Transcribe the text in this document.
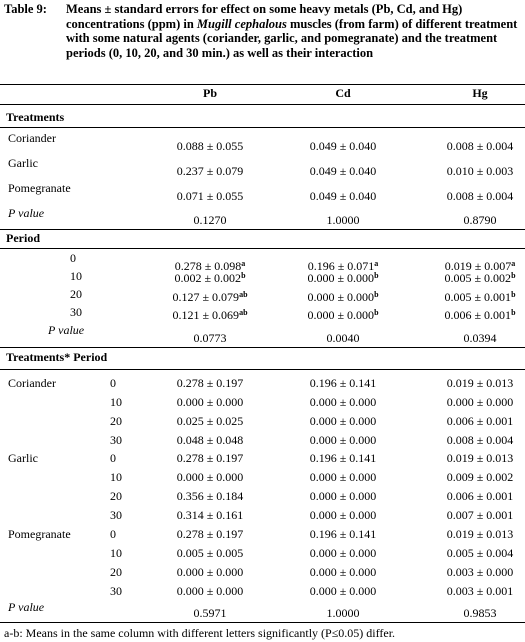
Table 9: Means ± standard errors for effect on some heavy metals (Pb, Cd, and Hg) concentrations (ppm) in Mugill cephalous muscles (from farm) of different treatment with some natural agents (coriander, garlic, and pomegranate) and the treatment periods (0, 10, 20, and 30 min.) as well as their interaction
Pb	Cd	Hg
Treatments
Coriander
0.088 ± 0.055	0.049 ± 0.040	0.008 ± 0.004
Garlic
0.237 ± 0.079	0.049 ± 0.040	0.010 ± 0.003
Pomegranate
0.071 ± 0.055	0.049 ± 0.040	0.008 ± 0.004
P value	0.1270	1.0000	0.8790
Period
0
0.278 ± 0.098$^a$	0.196 ± 0.071$^a$	0.019 ± 0.007$^a$
10	0.002 ± 0.002$^b$	0.000 ± 0.000$^b$	0.005 ± 0.002$^b$
20	0.127 ± 0.079$^{ab}$	0.000 ± 0.000$^b$	0.005 ± 0.001$^b$
30	0.121 ± 0.069$^{ab}$	0.000 ± 0.000$^b$	0.006 ± 0.001$^b$
P value
0.0773	0.0040	0.0394
Treatments* Period
Coriander	0	0.278 ± 0.197	0.196 ± 0.141	0.019 ± 0.013
10	0.000 ± 0.000	0.000 ± 0.000	0.000 ± 0.000
20	0.025 ± 0.025	0.000 ± 0.000	0.006 ± 0.001
30	0.048 ± 0.048	0.000 ± 0.000	0.008 ± 0.004
Garlic	0	0.278 ± 0.197	0.196 ± 0.141	0.019 ± 0.013
10	0.000 ± 0.000	0.000 ± 0.000	0.009 ± 0.002
20	0.356 ± 0.184	0.000 ± 0.000	0.006 ± 0.001
30	0.314 ± 0.161	0.000 ± 0.000	0.007 ± 0.001
Pomegranate	0	0.278 ± 0.197	0.196 ± 0.141	0.019 ± 0.013
10	0.005 ± 0.005	0.000 ± 0.000	0.005 ± 0.004
20	0.000 ± 0.000	0.000 ± 0.000	0.003 ± 0.000
30	0.000 ± 0.000	0.000 ± 0.000	0.003 ± 0.001
P value	0.5971	1.0000	0.9853
a-b: Means in the same column with different letters significantly (P≤0.05) differ.
